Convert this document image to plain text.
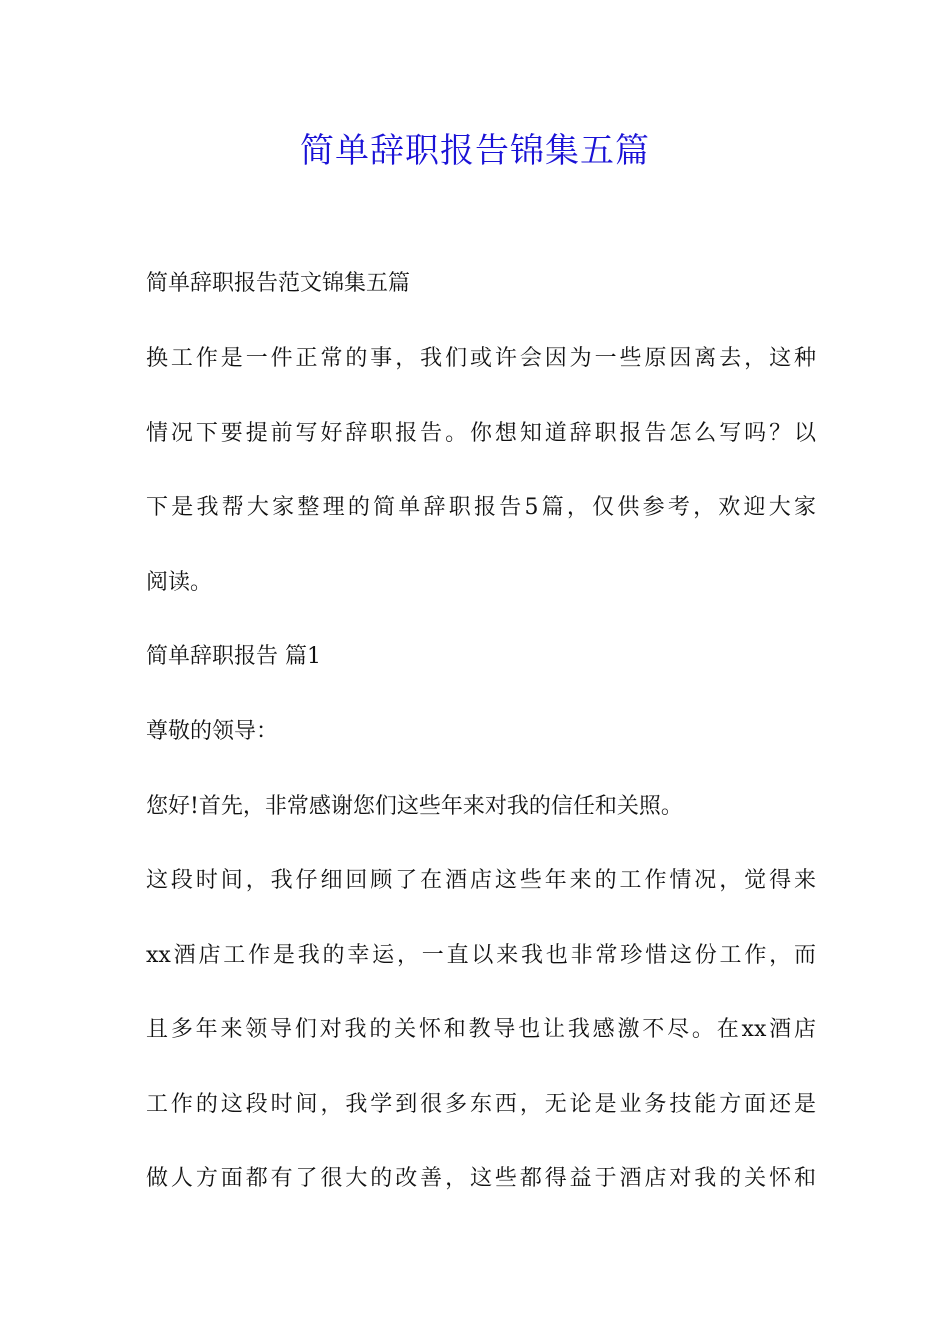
简单辞职报告锦集五篇
简单辞职报告范文锦集五篇
换工作是一件正常的事，我们或许会因为一些原因离去，这种
情况下要提前写好辞职报告。你想知道辞职报告怎么写吗？以
下是我帮大家整理的简单辞职报告5篇，仅供参考，欢迎大家
阅读。
简单辞职报告 篇1
尊敬的领导：
您好!首先，非常感谢您们这些年来对我的信任和关照。
这段时间，我仔细回顾了在酒店这些年来的工作情况，觉得来
xx酒店工作是我的幸运，一直以来我也非常珍惜这份工作，而
且多年来领导们对我的关怀和教导也让我感激不尽。在xx酒店
工作的这段时间，我学到很多东西，无论是业务技能方面还是
做人方面都有了很大的改善，这些都得益于酒店对我的关怀和
